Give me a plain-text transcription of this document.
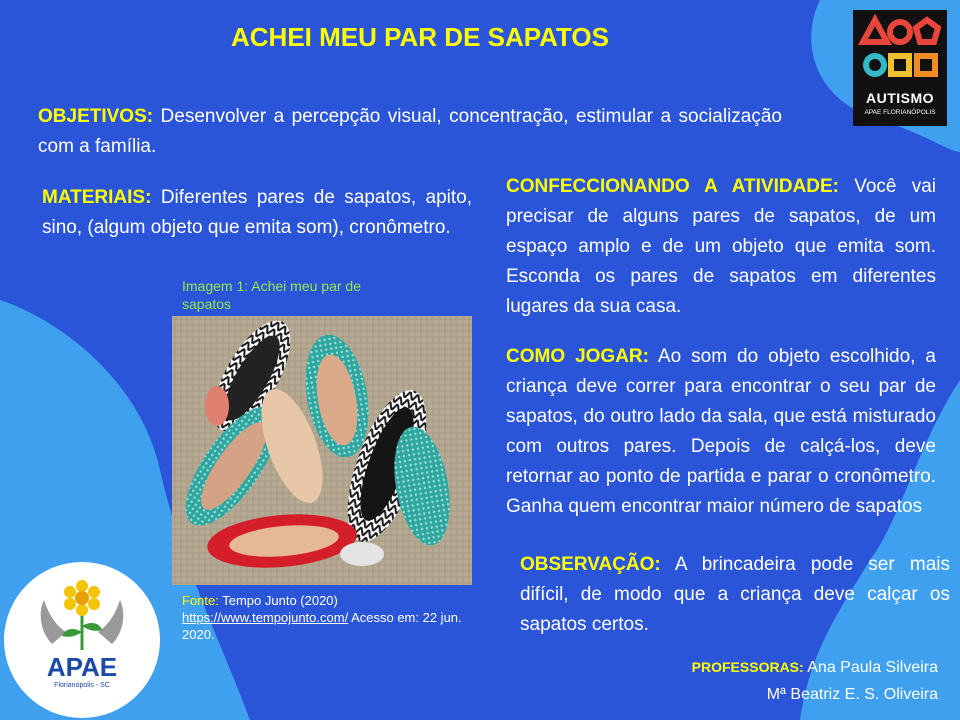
ACHEI MEU PAR DE SAPATOS
AUTISMO
APAE FLORIANÓPOLIS
OBJETIVOS: Desenvolver a percepção visual, concentração, estimular a socialização com a família.
MATERIAIS: Diferentes pares de sapatos, apito, sino, (algum objeto que emita som), cronômetro.
Imagem 1: Achei meu par de sapatos
Fonte: Tempo Junto (2020)
https://www.tempojunto.com/ Acesso em: 22 jun. 2020.
CONFECCIONANDO A ATIVIDADE: Você vai precisar de alguns pares de sapatos, de um espaço amplo e de um objeto que emita som. Esconda os pares de sapatos em diferentes lugares da sua casa.
COMO JOGAR: Ao som do objeto escolhido, a criança deve correr para encontrar o seu par de sapatos, do outro lado da sala, que está misturado com outros pares. Depois de calçá-los, deve retornar ao ponto de partida e parar o cronômetro. Ganha quem encontrar maior número de sapatos
OBSERVAÇÃO: A brincadeira pode ser mais difícil, de modo que a criança deve calçar os sapatos certos.
APAE
Florianópolis - SC
PROFESSORAS: Ana Paula Silveira
Mª Beatriz E. S. Oliveira
